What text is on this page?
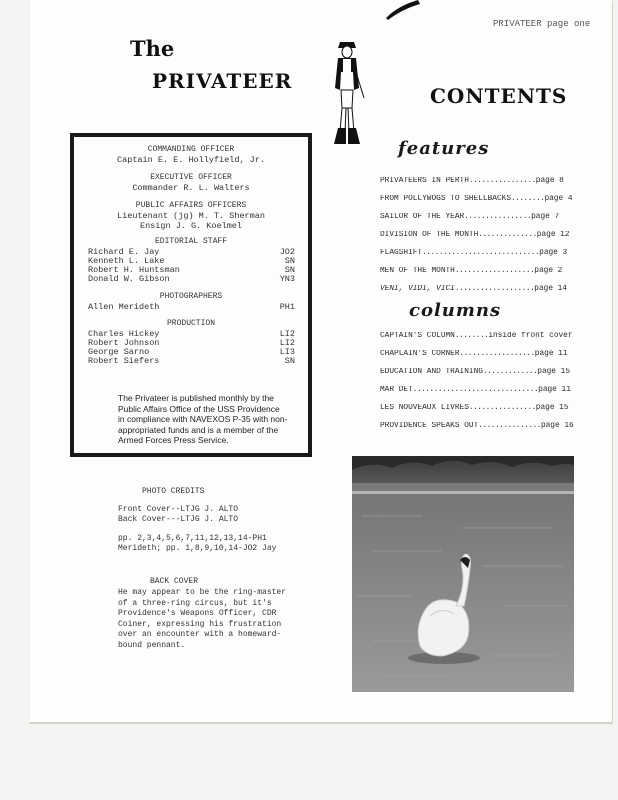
PRIVATEER page one
The
PRIVATEER
CONTENTS
COMMANDING OFFICER
Captain E. E. Hollyfield, Jr.
EXECUTIVE OFFICER
Commander R. L. Walters
PUBLIC AFFAIRS OFFICERS
Lieutenant (jg) M. T. Sherman
Ensign J. G. Koelmel
EDITORIAL STAFF
Richard E. Jay	JO2
Kenneth L. Lake	SN
Robert H. Huntsman	SN
Donald W. Gibson	YN3
PHOTOGRAPHERS
Allen Merideth	PH1
PRODUCTION
Charles Hickey	LI2
Robert Johnson	LI2
George Sarno	LI3
Robert Siefers	SN
The Privateer is published monthly by the Public Affairs Office of the USS Providence in compliance with NAVEXOS P-35 with non-appropriated funds and is a member of the Armed Forces Press Service.
PHOTO CREDITS
Front Cover--LTJG J. ALTO
Back Cover---LTJG J. ALTO
pp. 2,3,4,5,6,7,11,12,13,14-PH1
Merideth; pp. 1,8,9,10,14-JO2 Jay
BACK COVER
He may appear to be the ring-master of a three-ring circus, but it's Providence's Weapons Officer, CDR Coiner, expressing his frustration over an encounter with a homeward-bound pennant.
features
PRIVATEERS IN PERTH................page 8
FROM POLLYWOGS TO SHELLBACKS........page 4
SAILOR OF THE YEAR................page 7
DIVISION OF THE MONTH..............page 12
FLAGSHIFT............................page 3
MEN OF THE MONTH...................page 2
VENI, VIDI, VICI...................page 14
columns
CAPTAIN'S COLUMN........inside front cover
CHAPLAIN'S CORNER..................page 11
EDUCATION AND TRAINING.............page 15
MAR DET..............................page 11
LES NOUVEAUX LIVRES................page 15
PROVIDENCE SPEAKS OUT...............page 16
